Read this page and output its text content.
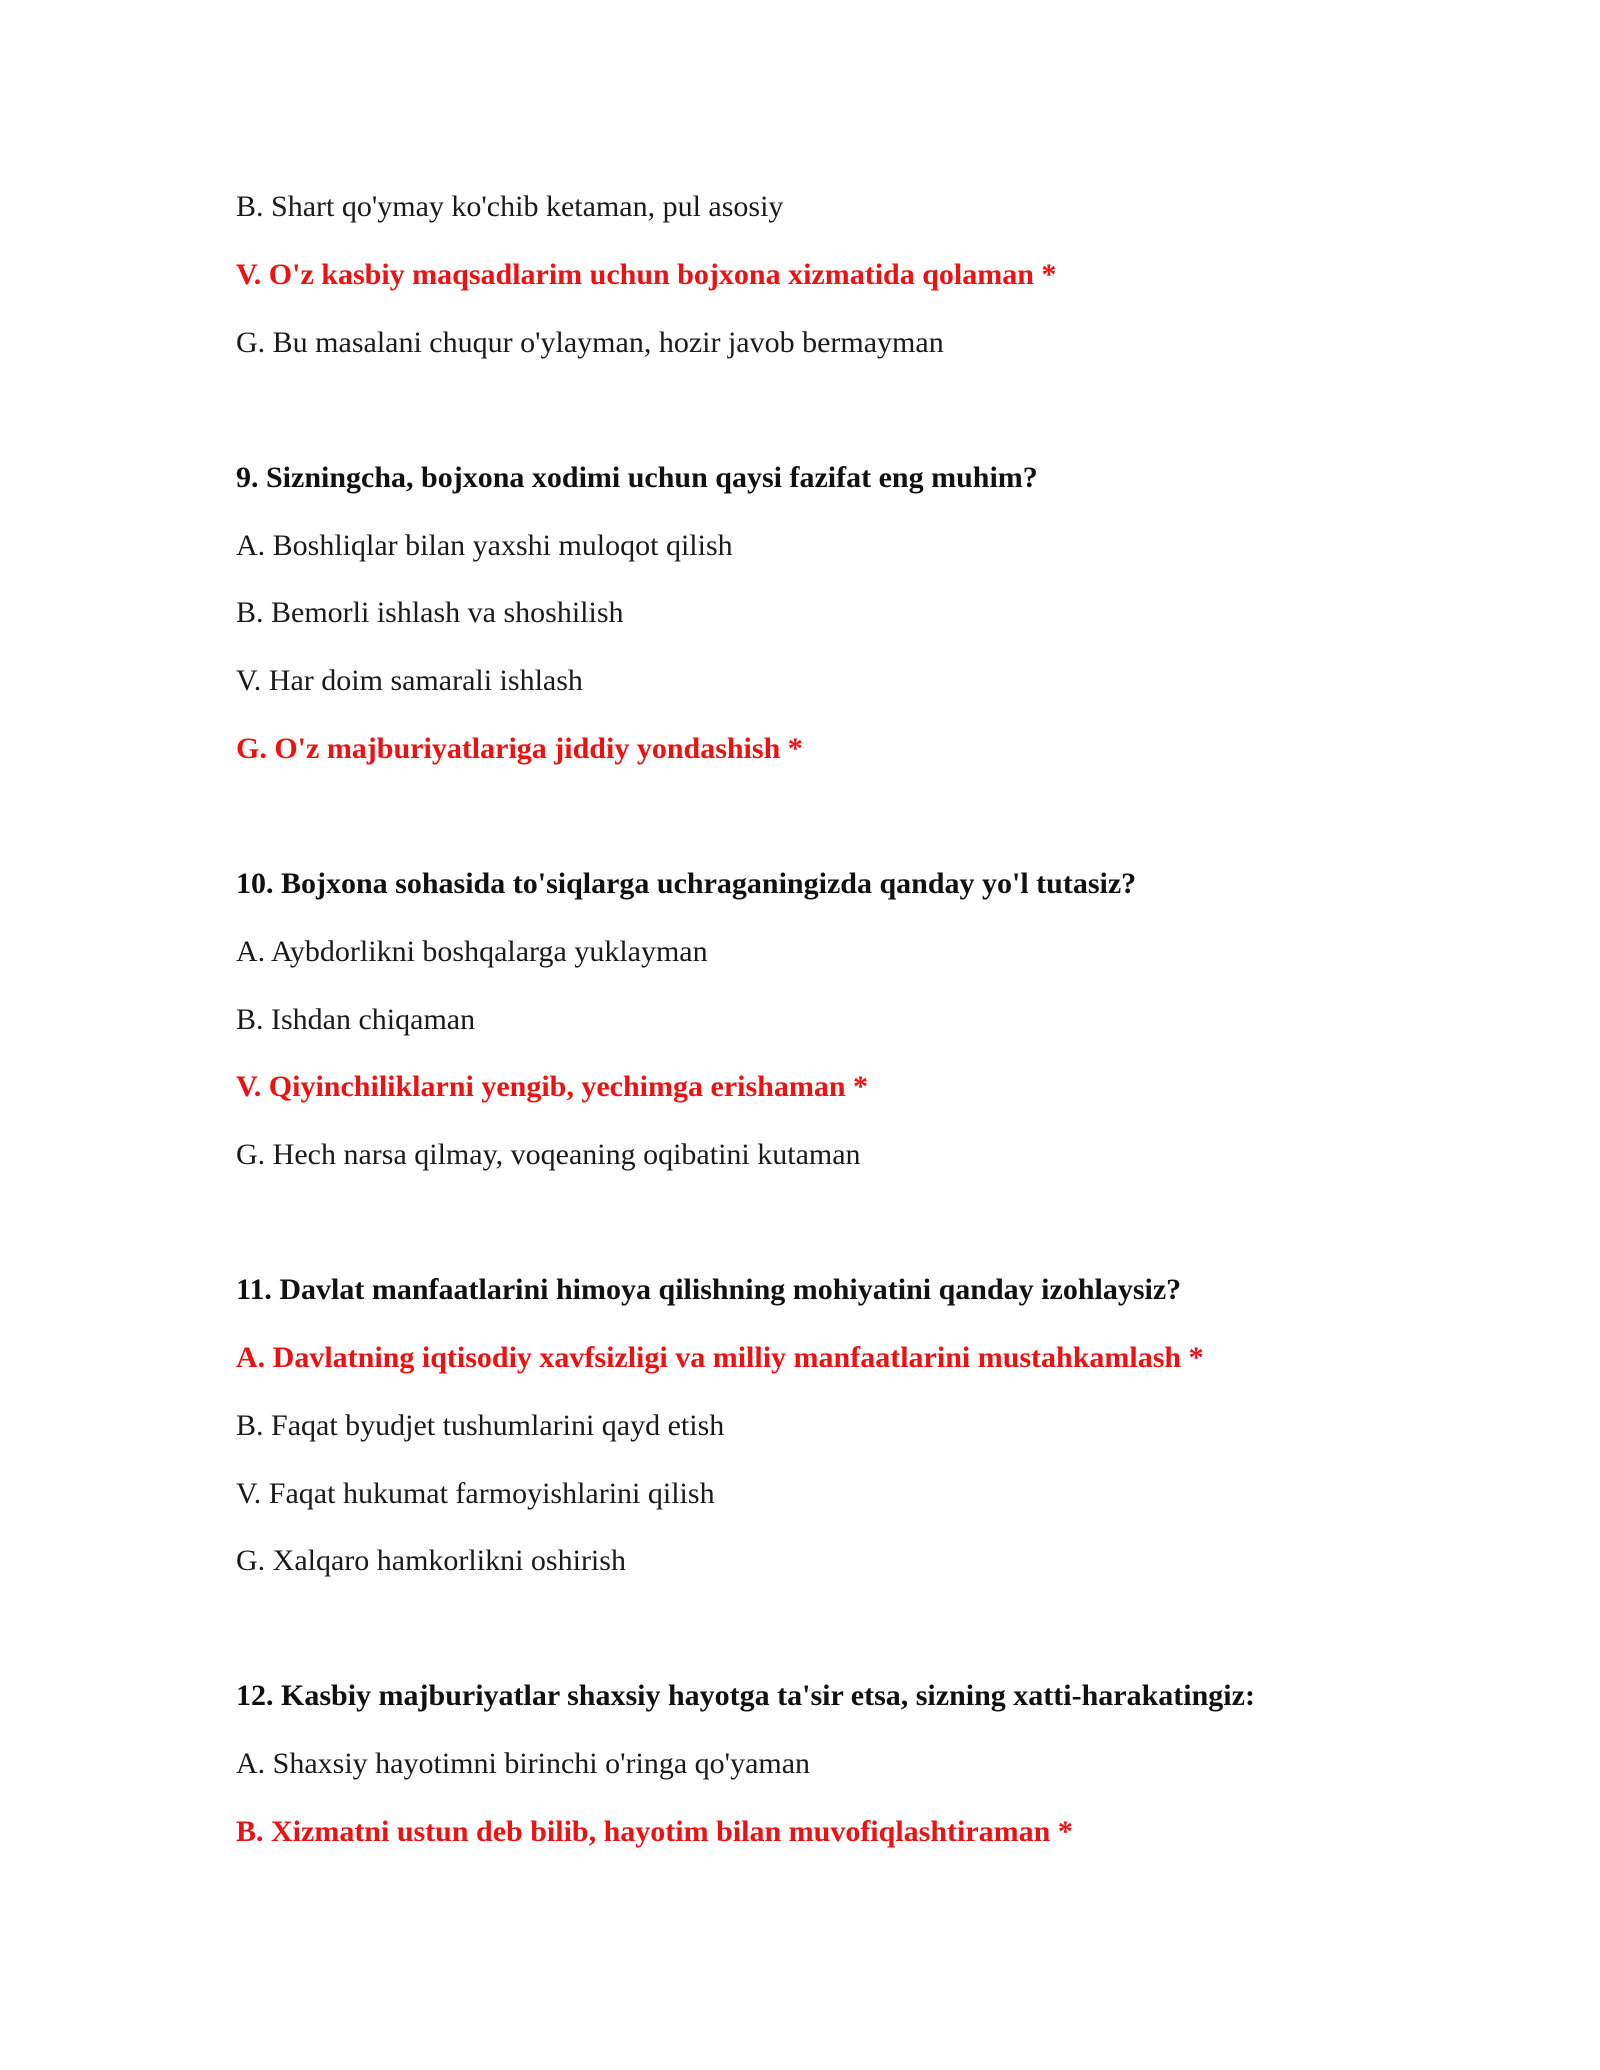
B. Shart qo'ymay ko'chib ketaman, pul asosiy
V. O'z kasbiy maqsadlarim uchun bojxona xizmatida qolaman *
G. Bu masalani chuqur o'ylayman, hozir javob bermayman
9. Sizningcha, bojxona xodimi uchun qaysi fazifat eng muhim?
A. Boshliqlar bilan yaxshi muloqot qilish
B. Bemorli ishlash va shoshilish
V. Har doim samarali ishlash
G. O'z majburiyatlariga jiddiy yondashish *
10. Bojxona sohasida to'siqlarga uchraganingizda qanday yo'l tutasiz?
A. Aybdorlikni boshqalarga yuklayman
B. Ishdan chiqaman
V. Qiyinchiliklarni yengib, yechimga erishaman *
G. Hech narsa qilmay, voqeaning oqibatini kutaman
11. Davlat manfaatlarini himoya qilishning mohiyatini qanday izohlaysiz?
A. Davlatning iqtisodiy xavfsizligi va milliy manfaatlarini mustahkamlash *
B. Faqat byudjet tushumlarini qayd etish
V. Faqat hukumat farmoyishlarini qilish
G. Xalqaro hamkorlikni oshirish
12. Kasbiy majburiyatlar shaxsiy hayotga ta'sir etsa, sizning xatti-harakatingiz:
A. Shaxsiy hayotimni birinchi o'ringa qo'yaman
B. Xizmatni ustun deb bilib, hayotim bilan muvofiqlashtiraman *
